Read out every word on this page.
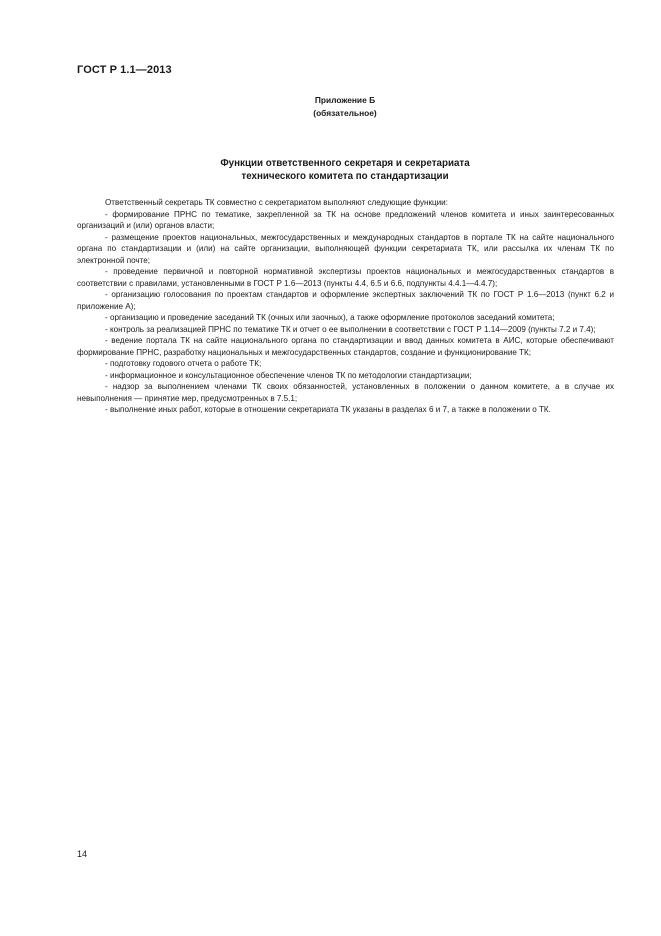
ГОСТ Р 1.1—2013
Приложение Б
(обязательное)
Функции ответственного секретаря и секретариата
технического комитета по стандартизации

Ответственный секретарь ТК совместно с секретариатом выполняют следующие функции:

- формирование ПРНС по тематике, закрепленной за ТК на основе предложений членов комитета и иных заинтересованных организаций и (или) органов власти;

- размещение проектов национальных, межгосударственных и международных стандартов в портале ТК на сайте национального органа по стандартизации и (или) на сайте организации, выполняющей функции секретариата ТК, или рассылка их членам ТК по электронной почте;

- проведение первичной и повторной нормативной экспертизы проектов национальных и межгосударственных стандартов в соответствии с правилами, установленными в ГОСТ Р 1.6—2013 (пункты 4.4, 6.5 и 6.6, подпункты 4.4.1—4.4.7);

- организацию голосования по проектам стандартов и оформление экспертных заключений ТК по ГОСТ Р 1.6—2013 (пункт 6.2 и приложение А);

- организацию и проведение заседаний ТК (очных или заочных), а также оформление протоколов заседаний комитета;

- контроль за реализацией ПРНС по тематике ТК и отчет о ее выполнении в соответствии с ГОСТ Р 1.14—2009 (пункты 7.2 и 7.4);

- ведение портала ТК на сайте национального органа по стандартизации и ввод данных комитета в АИС, которые обеспечивают формирование ПРНС, разработку национальных и межгосударственных стандартов, создание и функционирование ТК;

- подготовку годового отчета о работе ТК;

- информационное и консультационное обеспечение членов ТК по методологии стандартизации;

- надзор за выполнением членами ТК своих обязанностей, установленных в положении о данном комитете, а в случае их невыполнения — принятие мер, предусмотренных в 7.5.1;

- выполнение иных работ, которые в отношении секретариата ТК указаны в разделах 6 и 7, а также в положении о ТК.

14
